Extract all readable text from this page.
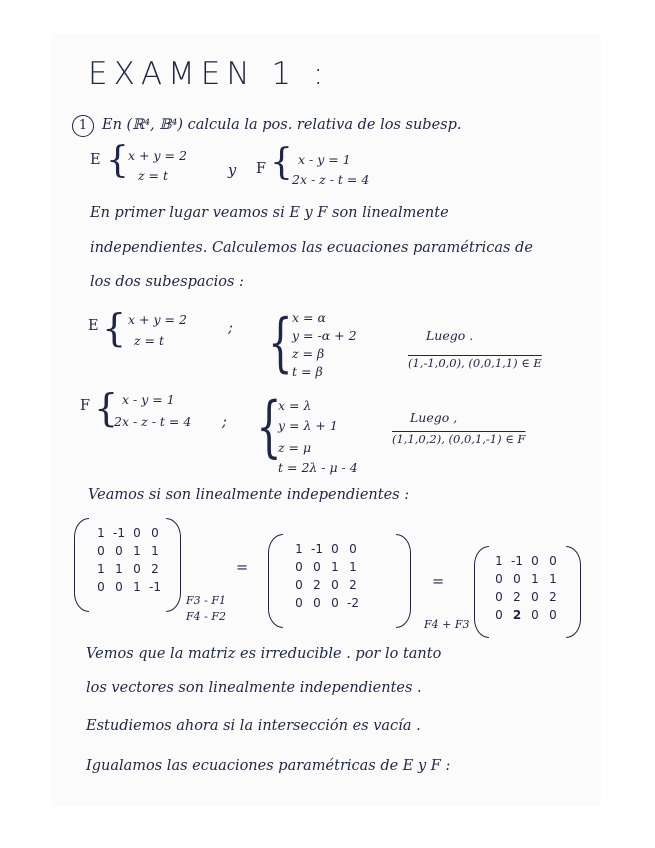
EXAMEN 1 :
1	En (ℝ⁴, 𝔹⁴) calcula la pos. relativa de los subesp.
E { x + y = 2
z = t	y F { x - y = 1
2x - z - t = 4
En primer lugar veamos si E y F son linealmente
independientes. Calculemos las ecuaciones paramétricas de
los dos subespacios :
E { x + y = 2
z = t
; { x = α
y = -α + 2
z = β
t = β
Luego .
(1,-1,0,0), (0,0,1,1) ∈ E
F { x - y = 1
2x - z - t = 4 ; {
x = λ
y = λ + 1
z = μ
t = 2λ - μ - 4
Luego ,
(1,1,0,2), (0,0,1,-1) ∈ F
Veamos si son linealmente independientes :
1 -1 0 0
0 0 1 1
1 1 0 2
0 0 1 -1
F3 - F1
F4 - F2
=
1 -1 0 0
0 0 1 1
0 2 0 2
0 0 0 -2
=
F4 + F3
1 -1 0 0
0 0 1 1
0 2 0 2
0 2 0 0
Vemos que la matriz es irreducible . por lo tanto
los vectores son linealmente independientes .
Estudiemos ahora si la intersección es vacía .
Igualamos las ecuaciones paramétricas de E y F :
